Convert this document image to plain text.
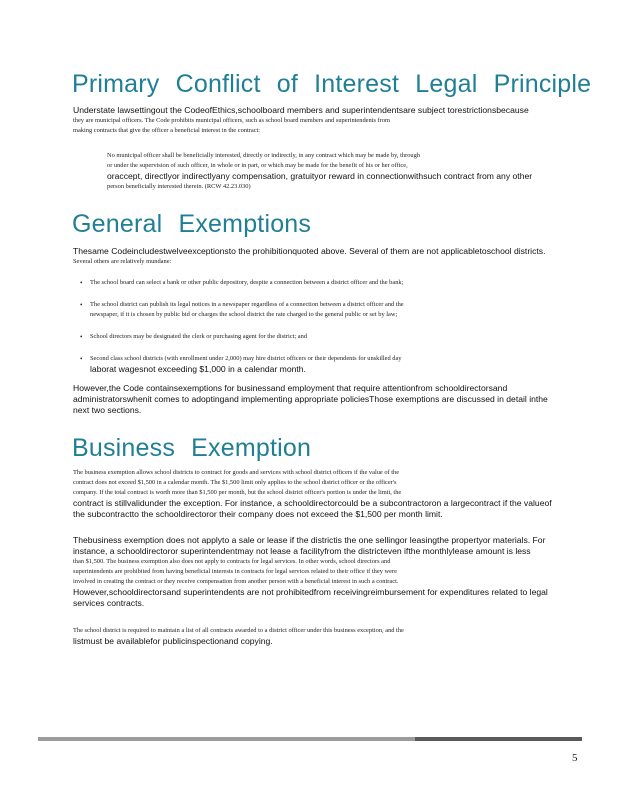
Primary Conflict of Interest Legal Principle
Understate lawsettingout the CodeofEthics,schoolboard members and superintendentsare subject torestrictionsbecause
they are municipal officers. The Code prohibits municipal officers, such as school board members and superintendents from
making contracts that give the officer a beneficial interest in the contract:
No municipal officer shall be beneficially interested, directly or indirectly, in any contract which may be made by, through
or under the supervision of such officer, in whole or in part, or which may be made for the benefit of his or her office,
oraccept, directlyor indirectlyany compensation, gratuityor reward in connectionwithsuch contract from any other
person beneficially interested therein. (RCW 42.23.030)
General Exemptions
Thesame Codeincludestwelveexceptionsto the prohibitionquoted above. Several of them are not applicabletoschool districts.
Several others are relatively mundane:
• The school board can select a bank or other public depository, despite a connection between a district officer and the bank;
• The school district can publish its legal notices in a newspaper regardless of a connection between a district officer and the
newspaper, if it is chosen by public bid or charges the school district the rate charged to the general public or set by law;
• School directors may be designated the clerk or purchasing agent for the district; and
• Second class school districts (with enrollment under 2,000) may hire district officers or their dependents for unskilled day
laborat wagesnot exceeding $1,000 in a calendar month.
However,the Code containsexemptions for businessand employment that require attentionfrom schooldirectorsand
administratorswhenit comes to adoptingand implementing appropriate policiesThose exemptions are discussed in detail inthe
next two sections.
Business Exemption
The business exemption allows school districts to contract for goods and services with school district officers if the value of the
contract does not exceed $1,500 in a calendar month. The $1,500 limit only applies to the school district officer or the officer's
company. If the total contract is worth more than $1,500 per month, but the school district officer's portion is under the limit, the
contract is stillvalidunder the exception. For instance, a schooldirectorcould be a subcontractoron a largecontract if the valueof
the subcontractto the schooldirectoror their company does not exceed the $1,500 per month limit.
Thebusiness exemption does not applyto a sale or lease if the districtis the one sellingor leasingthe propertyor materials. For
instance, a schooldirectoror superintendentmay not lease a facilityfrom the districteven ifthe monthlylease amount is less
than $1,500. The business exemption also does not apply to contracts for legal services. In other words, school directors and
superintendents are prohibited from having beneficial interests in contracts for legal services related to their office if they were
involved in creating the contract or they receive compensation from another person with a beneficial interest in such a contract.
However,schooldirectorsand superintendents are not prohibitedfrom receivingreimbursement for expenditures related to legal
services contracts.
The school district is required to maintain a list of all contracts awarded to a district officer under this business exception, and the
listmust be availablefor publicinspectionand copying.
5
